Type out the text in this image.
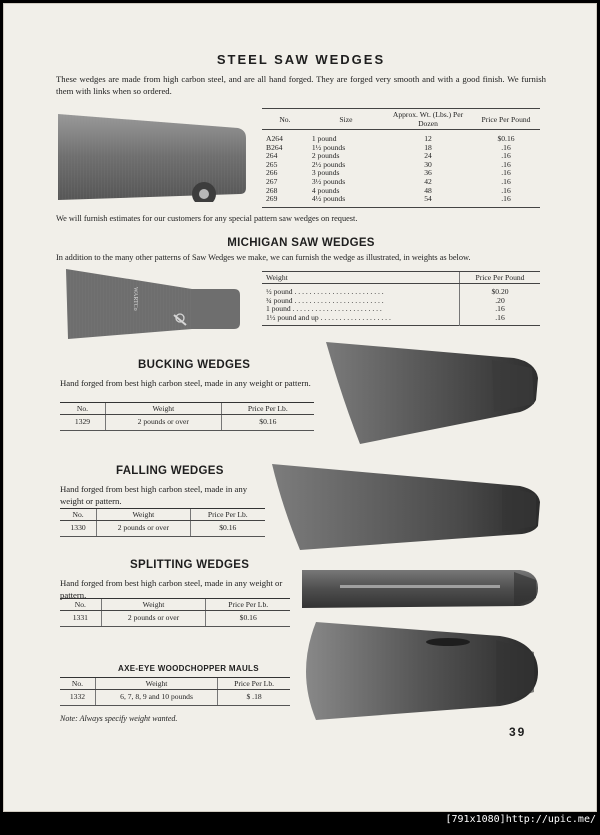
STEEL SAW WEDGES
These wedges are made from high carbon steel, and are all hand forged. They are forged very smooth and with a good finish. We furnish them with links when so ordered.
No.	Size	Approx. Wt. (Lbs.) Per Dozen	Price Per Pound
A264	1 pound	12	$0.16
B264	1½ pounds	18	.16
264	2 pounds	24	.16
265	2½ pounds	30	.16
266	3 pounds	36	.16
267	3½ pounds	42	.16
268	4 pounds	48	.16
269	4½ pounds	54	.16
We will furnish estimates for our customers for any special pattern saw wedges on request.
MICHIGAN SAW WEDGES
In addition to the many other patterns of Saw Wedges we make, we can furnish the wedge as illustrated, in weights as below.
WARTCo
Weight	Price Per Pound
½ pound . . . . . . . . . . . . . . . . . . . . . . . .	$0.20
¾ pound . . . . . . . . . . . . . . . . . . . . . . . .	.20
1 pound . . . . . . . . . . . . . . . . . . . . . . . .	.16
1½ pound and up . . . . . . . . . . . . . . . . . . .	.16
BUCKING WEDGES
Hand forged from best high carbon steel, made in any weight or pattern.
No.	Weight	Price Per Lb.
1329	2 pounds or over	$0.16
FALLING WEDGES
Hand forged from best high carbon steel, made in any weight or pattern.
No.	Weight	Price Per Lb.
1330	2 pounds or over	$0.16
SPLITTING WEDGES
Hand forged from best high carbon steel, made in any weight or pattern.
No.	Weight	Price Per Lb.
1331	2 pounds or over	$0.16
AXE-EYE WOODCHOPPER MAULS
No.	Weight	Price Per Lb.
1332	6, 7, 8, 9 and 10 pounds	$ .18
Note: Always specify weight wanted.
39
[791x1080]http://upic.me/
